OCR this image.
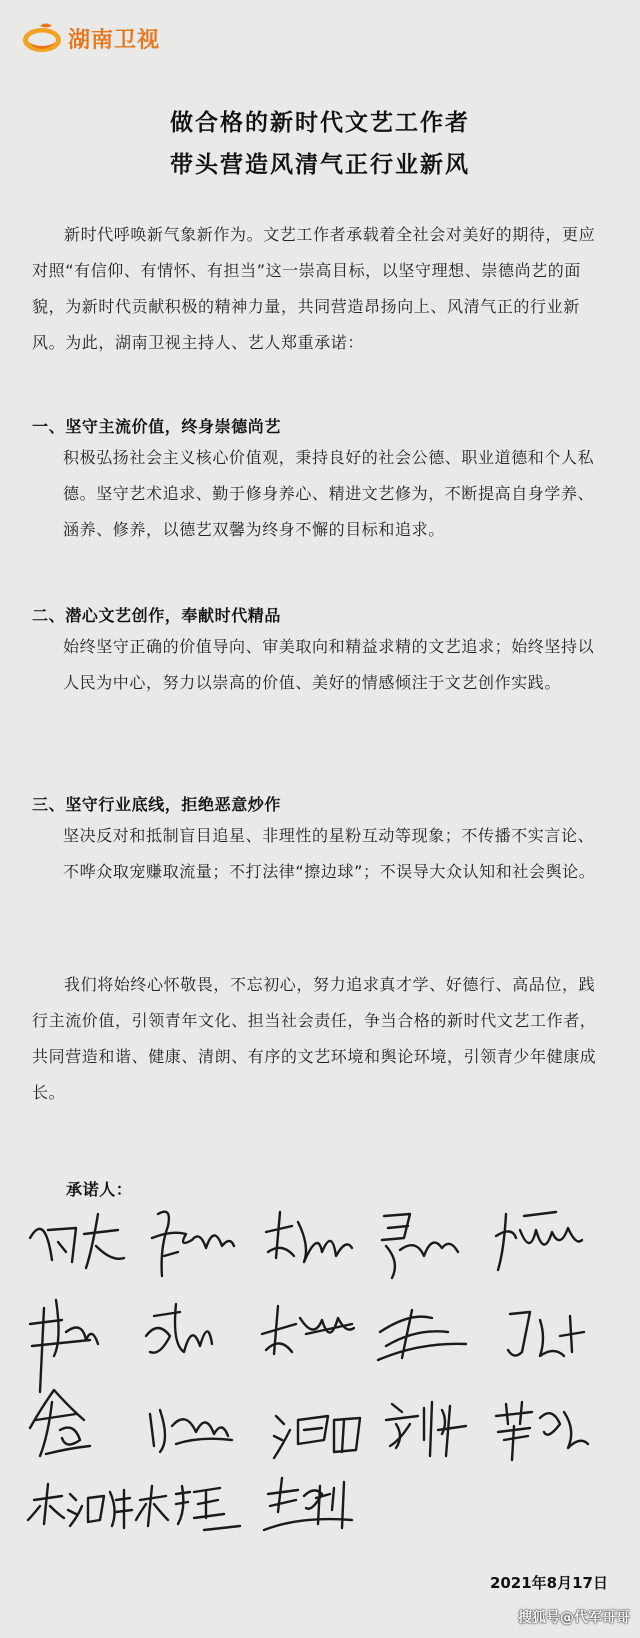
湖南卫视
做合格的新时代文艺工作者
带头营造风清气正行业新风

新时代呼唤新气象新作为。文艺工作者承载着全社会对美好的期待，更应对照“有信仰、有情怀、有担当”这一崇高目标，以坚守理想、崇德尚艺的面貌，为新时代贡献积极的精神力量，共同营造昂扬向上、风清气正的行业新风。为此，湖南卫视主持人、艺人郑重承诺：

一、坚守主流价值，终身崇德尚艺

积极弘扬社会主义核心价值观，秉持良好的社会公德、职业道德和个人私德。坚守艺术追求、勤于修身养心、精进文艺修为，不断提高自身学养、涵养、修养，以德艺双馨为终身不懈的目标和追求。

二、潜心文艺创作，奉献时代精品

始终坚守正确的价值导向、审美取向和精益求精的文艺追求；始终坚持以人民为中心，努力以崇高的价值、美好的情感倾注于文艺创作实践。

三、坚守行业底线，拒绝恶意炒作

坚决反对和抵制盲目追星、非理性的星粉互动等现象；不传播不实言论、不哗众取宠赚取流量；不打法律“擦边球”；不误导大众认知和社会舆论。

我们将始终心怀敬畏，不忘初心，努力追求真才学、好德行、高品位，践行主流价值，引领青年文化、担当社会责任，争当合格的新时代文艺工作者，共同营造和谐、健康、清朗、有序的文艺环境和舆论环境，引领青少年健康成长。

承诺人：
2021年8月17日
搜狐号@代军哥哥
